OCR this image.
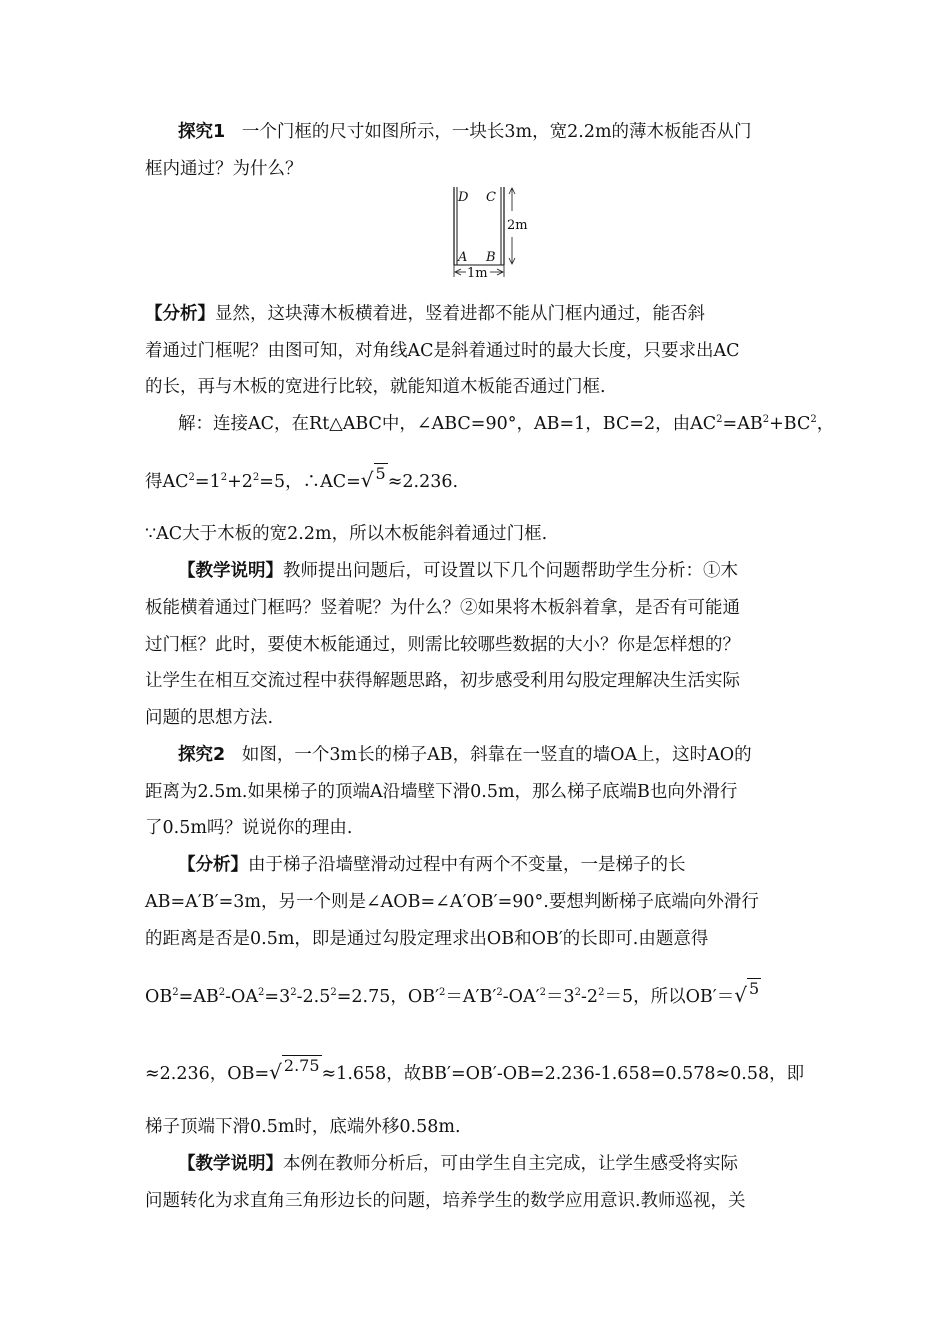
探究1 一个门框的尺寸如图所示，一块长3m，宽2.2m的薄木板能否从门
框内通过？为什么？
D C
A B
2m
1m
【分析】显然，这块薄木板横着进，竖着进都不能从门框内通过，能否斜
着通过门框呢？由图可知，对角线AC是斜着通过时的最大长度，只要求出AC
的长，再与木板的宽进行比较，就能知道木板能否通过门框.
解：连接AC，在Rt△ABC中，∠ABC=90°，AB=1，BC=2，由$AC^2=AB^2+BC^2$，
得$AC^2=1^2+2^2=5$，∴AC=√ 5 ≈2.236.
∵AC大于木板的宽2.2m，所以木板能斜着通过门框.
【教学说明】教师提出问题后，可设置以下几个问题帮助学生分析：①木
板能横着通过门框吗？竖着呢？为什么？②如果将木板斜着拿，是否有可能通
过门框？此时，要使木板能通过，则需比较哪些数据的大小？你是怎样想的？
让学生在相互交流过程中获得解题思路，初步感受利用勾股定理解决生活实际
问题的思想方法.
探究2 如图，一个3m长的梯子AB，斜靠在一竖直的墙OA上，这时AO的
距离为2.5m.如果梯子的顶端A沿墙壁下滑0.5m，那么梯子底端B也向外滑行
了0.5m吗？说说你的理由.
【分析】由于梯子沿墙壁滑动过程中有两个不变量，一是梯子的长
AB=A′B′=3m，另一个则是∠AOB=∠A′OB′=90°.要想判断梯子底端向外滑行
的距离是否是0.5m，即是通过勾股定理求出OB和OB′的长即可.由题意得
$OB^2=AB^2-OA^2=3^2-2.5^2=2.75$，$OB'^2=A'B'^2-OA'^2=3^2-2^2=5$，所以OB′＝√ 5
≈2.236，OB=√ 2.75 ≈1.658，故BB′=OB′-OB=2.236-1.658=0.578≈0.58，即
梯子顶端下滑0.5m时，底端外移0.58m.
【教学说明】本例在教师分析后，可由学生自主完成，让学生感受将实际
问题转化为求直角三角形边长的问题，培养学生的数学应用意识.教师巡视，关
